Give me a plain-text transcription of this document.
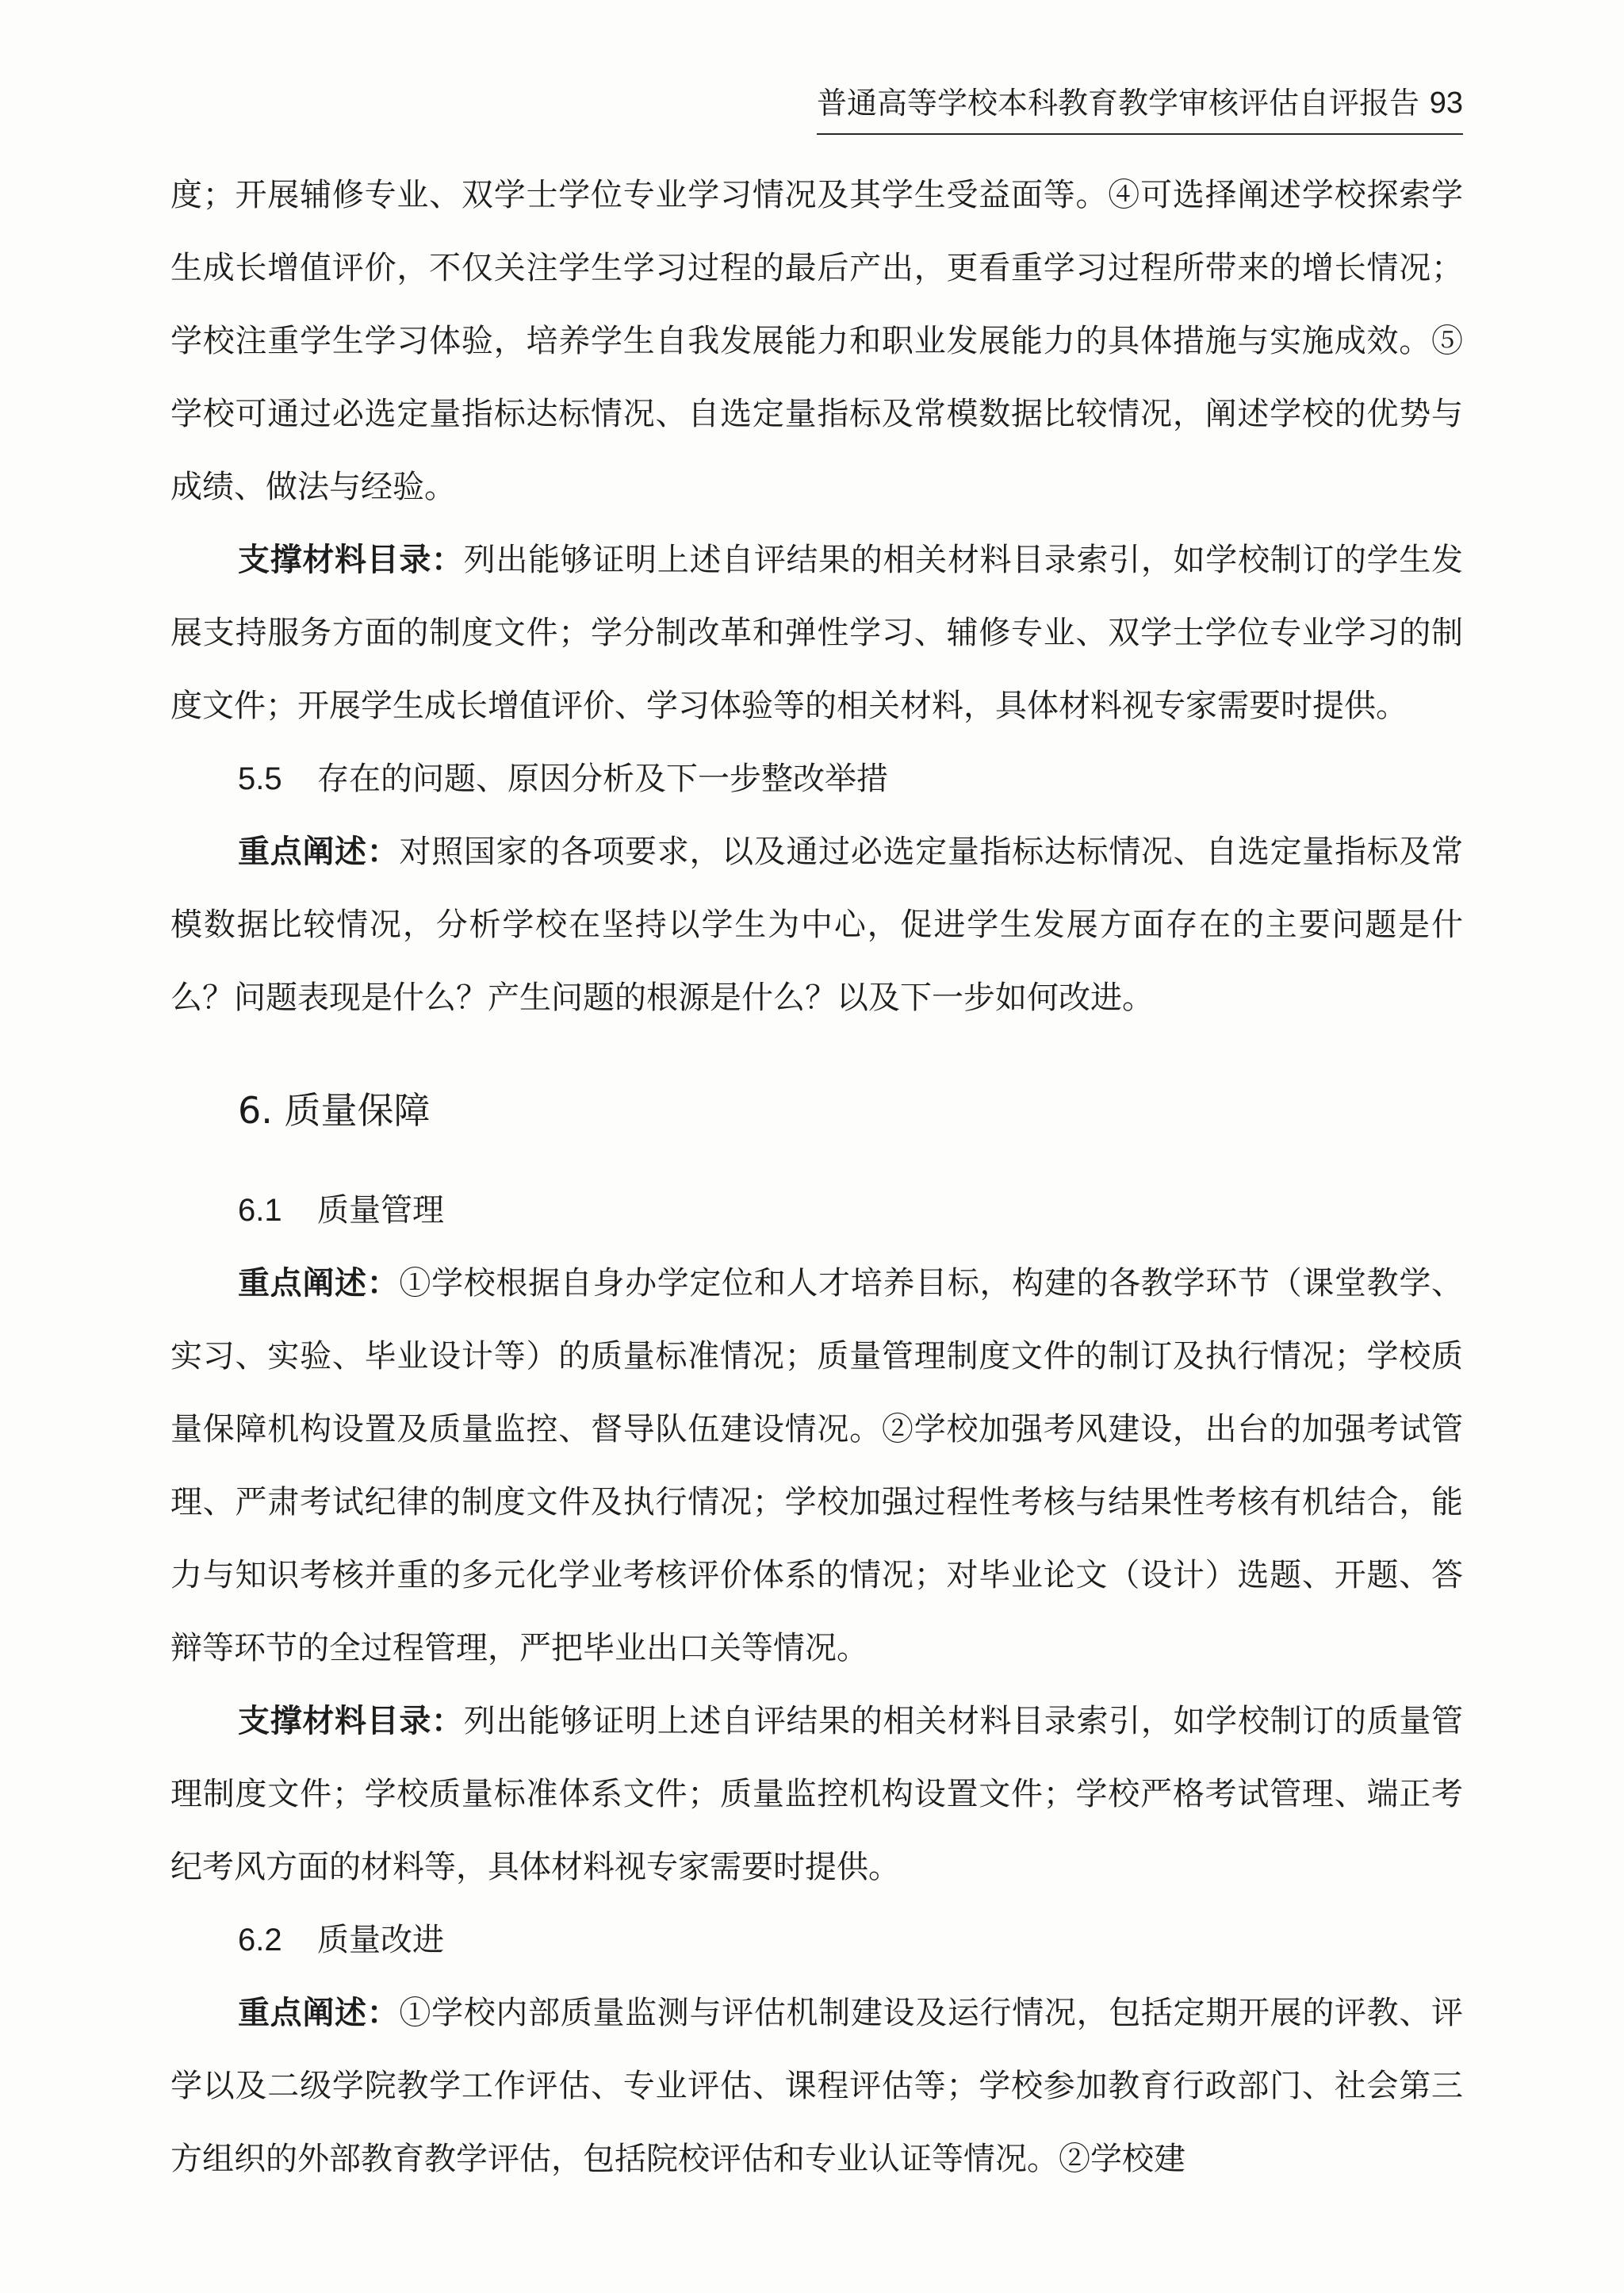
普通高等学校本科教育教学审核评估自评报告 93

度；开展辅修专业、双学士学位专业学习情况及其学生受益面等。④可选择阐述学校探索学生成长增值评价，不仅关注学生学习过程的最后产出，更看重学习过程所带来的增长情况；学校注重学生学习体验，培养学生自我发展能力和职业发展能力的具体措施与实施成效。⑤学校可通过必选定量指标达标情况、自选定量指标及常模数据比较情况，阐述学校的优势与成绩、做法与经验。

支撑材料目录：列出能够证明上述自评结果的相关材料目录索引，如学校制订的学生发展支持服务方面的制度文件；学分制改革和弹性学习、辅修专业、双学士学位专业学习的制度文件；开展学生成长增值评价、学习体验等的相关材料，具体材料视专家需要时提供。

5.5 存在的问题、原因分析及下一步整改举措

重点阐述：对照国家的各项要求，以及通过必选定量指标达标情况、自选定量指标及常模数据比较情况，分析学校在坚持以学生为中心，促进学生发展方面存在的主要问题是什么？问题表现是什么？产生问题的根源是什么？以及下一步如何改进。

6. 质量保障
6.1 质量管理

重点阐述：①学校根据自身办学定位和人才培养目标，构建的各教学环节（课堂教学、实习、实验、毕业设计等）的质量标准情况；质量管理制度文件的制订及执行情况；学校质量保障机构设置及质量监控、督导队伍建设情况。②学校加强考风建设，出台的加强考试管理、严肃考试纪律的制度文件及执行情况；学校加强过程性考核与结果性考核有机结合，能力与知识考核并重的多元化学业考核评价体系的情况；对毕业论文（设计）选题、开题、答辩等环节的全过程管理，严把毕业出口关等情况。

支撑材料目录：列出能够证明上述自评结果的相关材料目录索引，如学校制订的质量管理制度文件；学校质量标准体系文件；质量监控机构设置文件；学校严格考试管理、端正考纪考风方面的材料等，具体材料视专家需要时提供。

6.2 质量改进

重点阐述：①学校内部质量监测与评估机制建设及运行情况，包括定期开展的评教、评学以及二级学院教学工作评估、专业评估、课程评估等；学校参加教育行政部门、社会第三方组织的外部教育教学评估，包括院校评估和专业认证等情况。②学校建
